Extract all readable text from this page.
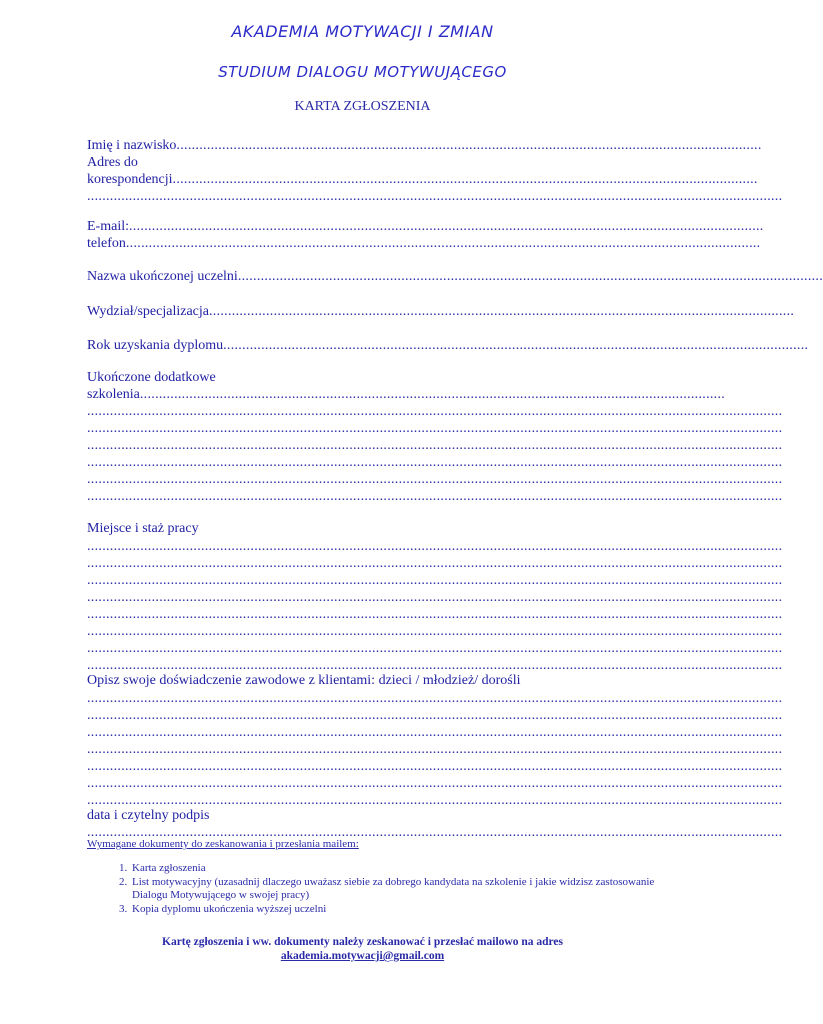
AKADEMIA MOTYWACJI I ZMIAN
STUDIUM DIALOGU MOTYWUJĄCEGO
KARTA ZGŁOSZENIA
Imię i nazwisko..........................................................................................................................................................
Adres do
korespondencji..........................................................................................................................................................
.......................................................................................................................................................................................
E-mail:.......................................................................................................................................................................
telefon.......................................................................................................................................................................
Nazwa ukończonej uczelni..........................................................................................................................................................
Wydział/specjalizacja..........................................................................................................................................................
Rok uzyskania dyplomu..........................................................................................................................................................
Ukończone dodatkowe
szkolenia..........................................................................................................................................................
.......................................................................................................................................................................................
.......................................................................................................................................................................................
.......................................................................................................................................................................................
.......................................................................................................................................................................................
.......................................................................................................................................................................................
.......................................................................................................................................................................................
Miejsce i staż pracy
.......................................................................................................................................................................................
.......................................................................................................................................................................................
.......................................................................................................................................................................................
.......................................................................................................................................................................................
.......................................................................................................................................................................................
.......................................................................................................................................................................................
.......................................................................................................................................................................................
.......................................................................................................................................................................................
Opisz swoje doświadczenie zawodowe z klientami: dzieci / młodzież/ dorośli
.......................................................................................................................................................................................
.......................................................................................................................................................................................
.......................................................................................................................................................................................
.......................................................................................................................................................................................
.......................................................................................................................................................................................
.......................................................................................................................................................................................
.......................................................................................................................................................................................
data i czytelny podpis
.......................................................................................................................................................................................
Wymagane dokumenty do zeskanowania i przesłania mailem:
1. Karta zgłoszenia
2. List motywacyjny (uzasadnij dlaczego uważasz siebie za dobrego kandydata na szkolenie i jakie widzisz zastosowanie Dialogu Motywującego w swojej pracy)
3. Kopia dyplomu ukończenia wyższej uczelni
Kartę zgłoszenia i ww. dokumenty należy zeskanować i przesłać mailowo na adres
akademia.motywacji@gmail.com
